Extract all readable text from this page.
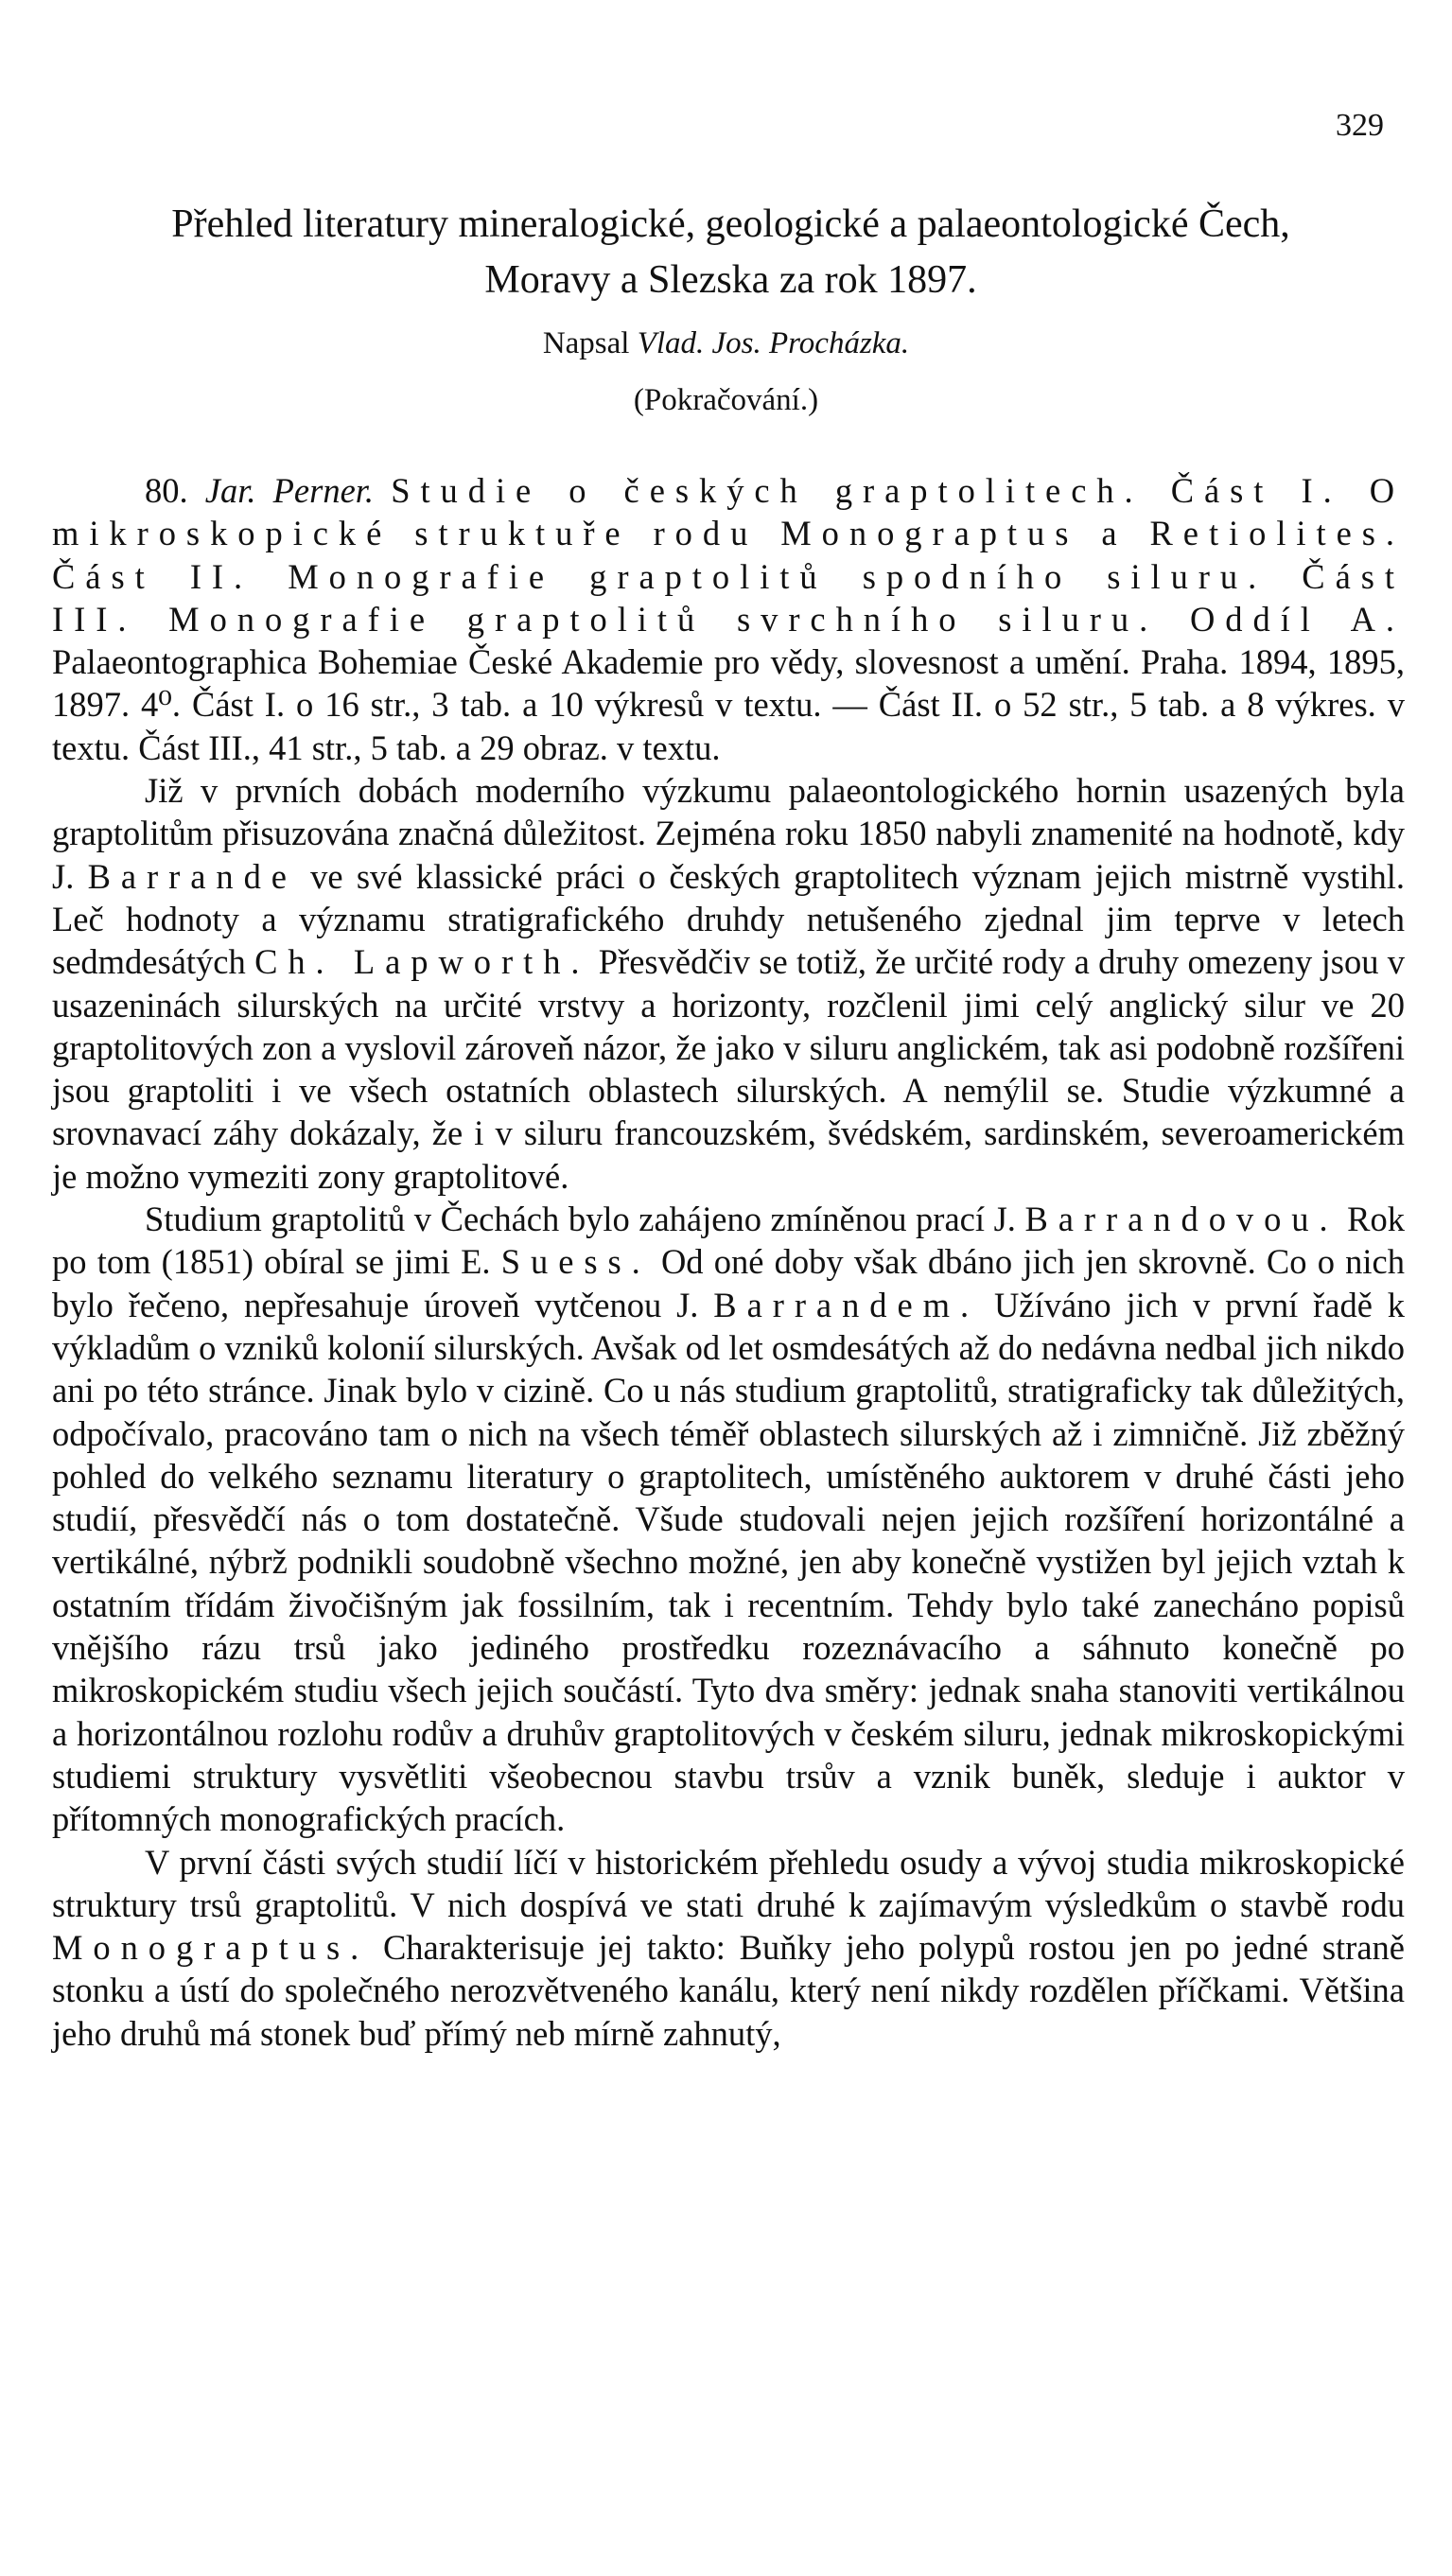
329
Přehled literatury mineralogické, geologické a palaeontologické Čech,
Moravy a Slezska za rok 1897.
Napsal Vlad. Jos. Procházka.
(Pokračování.)

80. Jar. Perner. Studie o českých graptolitech. Část I. O mikroskopické struktuře rodu Monograptus a Retiolites. Část II. Monografie graptolitů spodního siluru. Část III. Monografie graptolitů svrchního siluru. Oddíl A. Palaeontographica Bohemiae České Akademie pro vědy, slovesnost a umění. Praha. 1894, 1895, 1897. 4⁰. Část I. o 16 str., 3 tab. a 10 výkresů v textu. — Část II. o 52 str., 5 tab. a 8 výkres. v textu. Část III., 41 str., 5 tab. a 29 obraz. v textu.

Již v prvních dobách moderního výzkumu palaeontologického hornin usazených byla graptolitům přisuzována značná důležitost. Zejména roku 1850 nabyli znamenité na hodnotě, kdy J. Barrande ve své klassické práci o českých graptolitech význam jejich mistrně vystihl. Leč hodnoty a významu stratigrafického druhdy netušeného zjednal jim teprve v letech sedmdesátých Ch. Lapworth. Přesvědčiv se totiž, že určité rody a druhy omezeny jsou v usazeninách silurských na určité vrstvy a horizonty, rozčlenil jimi celý anglický silur ve 20 graptolitových zon a vyslovil zároveň názor, že jako v siluru anglickém, tak asi podobně rozšířeni jsou graptoliti i ve všech ostatních oblastech silurských. A nemýlil se. Studie výzkumné a srovnavací záhy dokázaly, že i v siluru francouzském, švédském, sardinském, severoamerickém je možno vymeziti zony graptolitové.

Studium graptolitů v Čechách bylo zahájeno zmíněnou prací J. Barrandovou. Rok po tom (1851) obíral se jimi E. Suess. Od oné doby však dbáno jich jen skrovně. Co o nich bylo řečeno, nepřesahuje úroveň vytčenou J. Barrandem. Užíváno jich v první řadě k výkladům o vzniků kolonií silurských. Avšak od let osmdesátých až do nedávna nedbal jich nikdo ani po této stránce. Jinak bylo v cizině. Co u nás studium graptolitů, stratigraficky tak důležitých, odpočívalo, pracováno tam o nich na všech téměř oblastech silurských až i zimničně. Již zběžný pohled do velkého seznamu literatury o graptolitech, umístěného auktorem v druhé části jeho studií, přesvědčí nás o tom dostatečně. Všude studovali nejen jejich rozšíření horizontálné a vertikálné, nýbrž podnikli soudobně všechno možné, jen aby konečně vystižen byl jejich vztah k ostatním třídám živočišným jak fossilním, tak i recentním. Tehdy bylo také zanecháno popisů vnějšího rázu trsů jako jediného prostředku rozeznávacího a sáhnuto konečně po mikroskopickém studiu všech jejich součástí. Tyto dva směry: jednak snaha stanoviti vertikálnou a horizontálnou rozlohu rodův a druhův graptolitových v českém siluru, jednak mikroskopickými studiemi struktury vysvětliti všeobecnou stavbu trsův a vznik buněk, sleduje i auktor v přítomných monografických pracích.

V první části svých studií líčí v historickém přehledu osudy a vývoj studia mikroskopické struktury trsů graptolitů. V nich dospívá ve stati druhé k zajímavým výsledkům o stavbě rodu Monograptus. Charakterisuje jej takto: Buňky jeho polypů rostou jen po jedné straně stonku a ústí do společného nerozvětveného kanálu, který není nikdy rozdělen příčkami. Většina jeho druhů má stonek buď přímý neb mírně zahnutý,
